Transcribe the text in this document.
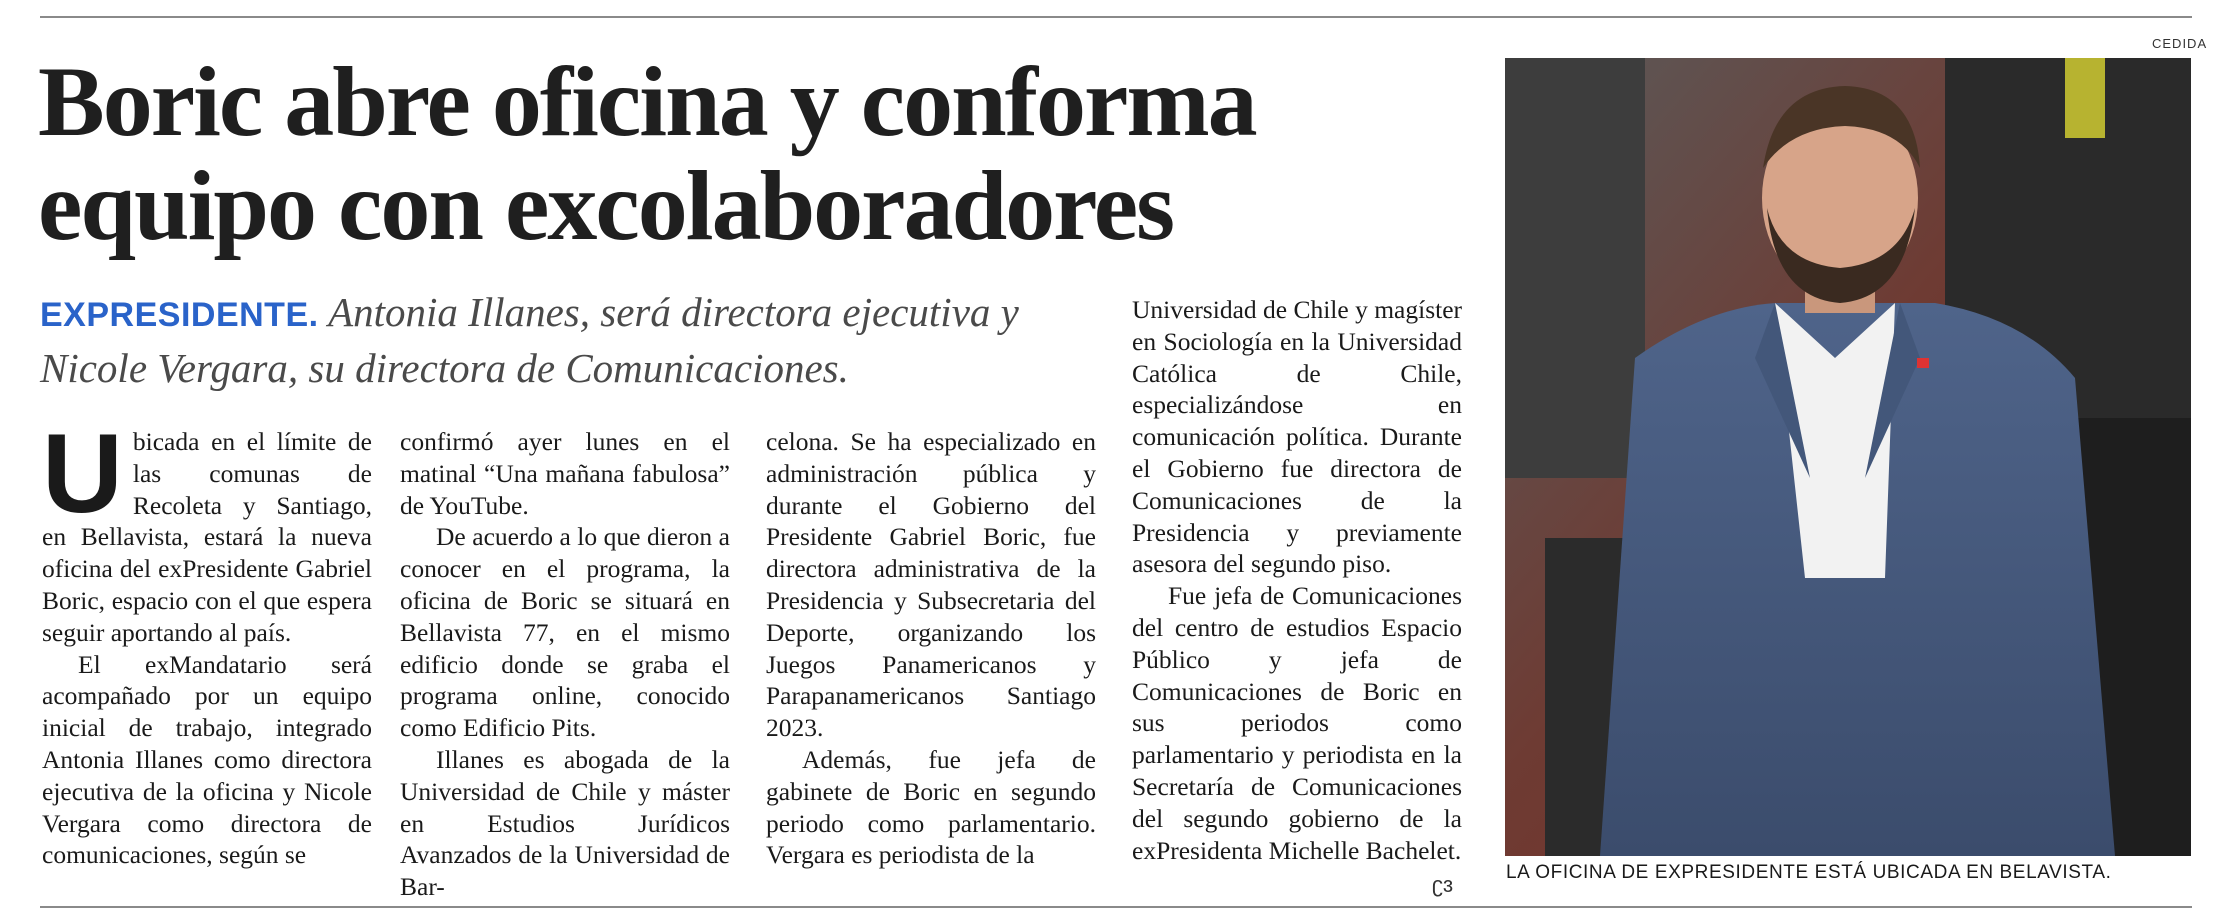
Boric abre oficina y conforma
equipo con excolaboradores
EXPRESIDENTE. Antonia Illanes, será directora ejecutiva y Nicole Vergara, su directora de Comunicaciones.

Ubicada en el límite de las comunas de Recoleta y Santiago, en Bellavista, estará la nueva oficina del exPresidente Gabriel Boric, espacio con el que espera seguir aportando al país.

El exMandatario será acompañado por un equipo inicial de trabajo, integrado Antonia Illanes como directora ejecutiva de la oficina y Nicole Vergara como directora de comunicaciones, según se

confirmó ayer lunes en el matinal “Una mañana fabulosa” de YouTube.

De acuerdo a lo que dieron a conocer en el programa, la oficina de Boric se situará en Bellavista 77, en el mismo edificio donde se graba el programa online, conocido como Edificio Pits.

Illanes es abogada de la Universidad de Chile y máster en Estudios Jurídicos Avanzados de la Universidad de Bar-

celona. Se ha especializado en administración pública y durante el Gobierno del Presidente Gabriel Boric, fue directora administrativa de la Presidencia y Subsecretaria del Deporte, organizando los Juegos Panamericanos y Parapanamericanos Santiago 2023.

Además, fue jefa de gabinete de Boric en segundo periodo como parlamentario. Vergara es periodista de la

Universidad de Chile y magíster en Sociología en la Universidad Católica de Chile, especializándose en comunicación política. Durante el Gobierno fue directora de Comunicaciones de la Presidencia y previamente asesora del segundo piso.

Fue jefa de Comunicaciones del centro de estudios Espacio Público y jefa de Comunicaciones de Boric en sus periodos como parlamentario y periodista en la Secretaría de Comunicaciones del segundo gobierno de la exPresidenta Michelle Bachelet.

ʗɜ
CEDIDA
LA OFICINA DE EXPRESIDENTE ESTÁ UBICADA EN BELAVISTA.
